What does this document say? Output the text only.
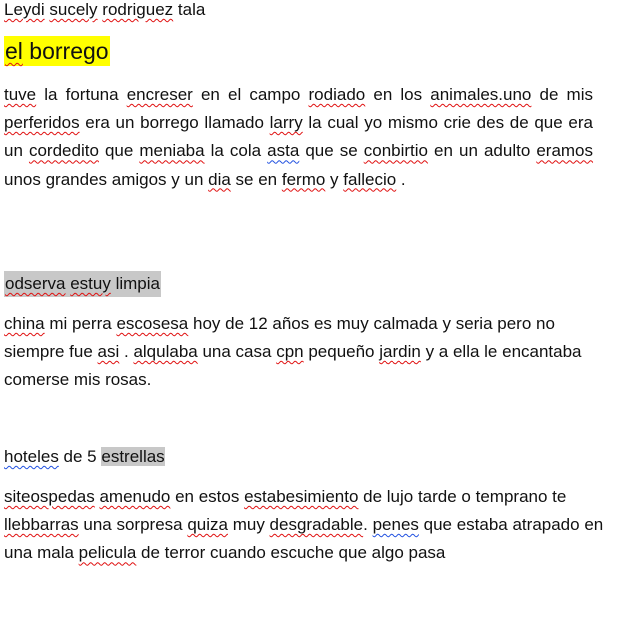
Leydi sucely rodriguez tala

el borrego

tuve la fortuna encreser en el campo rodiado en los animales.uno de mis perferidos era un borrego llamado larry la cual yo mismo crie des de que era un cordedito que meniaba la cola asta que se conbirtio en un adulto eramos unos grandes amigos y un dia se en fermo y fallecio .

odserva estuy limpia

china mi perra escosesa hoy de 12 años es muy calmada y seria pero no siempre fue asi . alqulaba una casa cpn pequeño jardin y a ella le encantaba comerse mis rosas.

hoteles de 5 estrellas

siteospedas amenudo en estos estabesimiento de lujo tarde o temprano te llebbarras una sorpresa quiza muy desgradable. penes que estaba atrapado en una mala pelicula de terror cuando escuche que algo pasa
